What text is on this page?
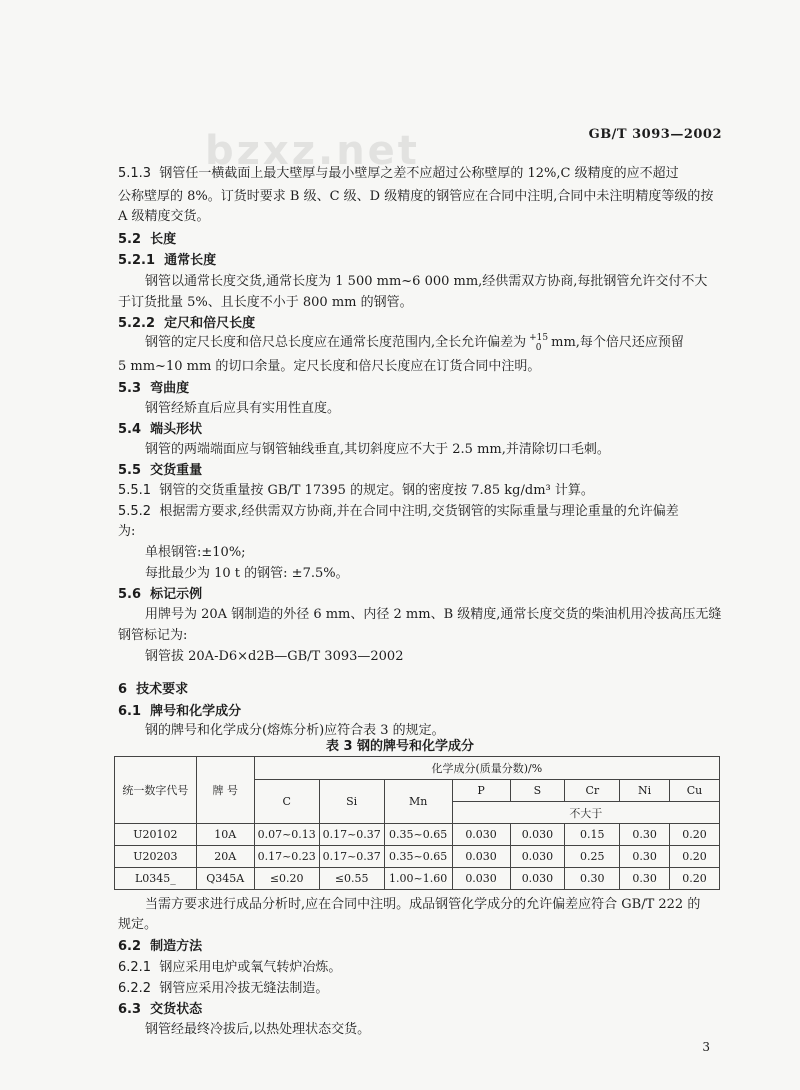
bzxz.net	GB/T 3093—2002
5.1.3 钢管任一横截面上最大壁厚与最小壁厚之差不应超过公称壁厚的 12%,C 级精度的应不超过
公称壁厚的 8%。订货时要求 B 级、C 级、D 级精度的钢管应在合同中注明,合同中未注明精度等级的按
A 级精度交货。
5.2 长度
5.2.1 通常长度
钢管以通常长度交货,通常长度为 1 500 mm~6 000 mm,经供需双方协商,每批钢管允许交付不大
于订货批量 5%、且长度不小于 800 mm 的钢管。
5.2.2 定尺和倍尺长度
钢管的定尺长度和倍尺总长度应在通常长度范围内,全长允许偏差为 +15
0 mm,每个倍尺还应预留
5 mm~10 mm 的切口余量。定尺长度和倍尺长度应在订货合同中注明。
5.3 弯曲度
钢管经矫直后应具有实用性直度。
5.4 端头形状
钢管的两端端面应与钢管轴线垂直,其切斜度应不大于 2.5 mm,并清除切口毛刺。
5.5 交货重量
5.5.1 钢管的交货重量按 GB/T 17395 的规定。钢的密度按 7.85 kg/dm³ 计算。
5.5.2 根据需方要求,经供需双方协商,并在合同中注明,交货钢管的实际重量与理论重量的允许偏差
为:
单根钢管:±10%;
每批最少为 10 t 的钢管: ±7.5%。
5.6 标记示例
用牌号为 20A 钢制造的外径 6 mm、内径 2 mm、B 级精度,通常长度交货的柴油机用冷拔高压无缝
钢管标记为:
钢管拔 20A-D6×d2B—GB/T 3093—2002
6 技术要求
6.1 牌号和化学成分
钢的牌号和化学成分(熔炼分析)应符合表 3 的规定。
表 3 钢的牌号和化学成分
统一数字代号	牌 号	化学成分(质量分数)/%							
		C	Si	Mn	P	S	Cr	Ni	Cu
					不大于				
U20102	10A	0.07~0.13	0.17~0.37	0.35~0.65	0.030	0.030	0.15	0.30	0.20
U20203	20A	0.17~0.23	0.17~0.37	0.35~0.65	0.030	0.030	0.25	0.30	0.20
L0345_	Q345A	≤0.20	≤0.55	1.00~1.60	0.030	0.030	0.30	0.30	0.20
当需方要求进行成品分析时,应在合同中注明。成品钢管化学成分的允许偏差应符合 GB/T 222 的
规定。
6.2 制造方法
6.2.1 钢应采用电炉或氧气转炉冶炼。
6.2.2 钢管应采用冷拔无缝法制造。
6.3 交货状态
钢管经最终冷拔后,以热处理状态交货。
3
